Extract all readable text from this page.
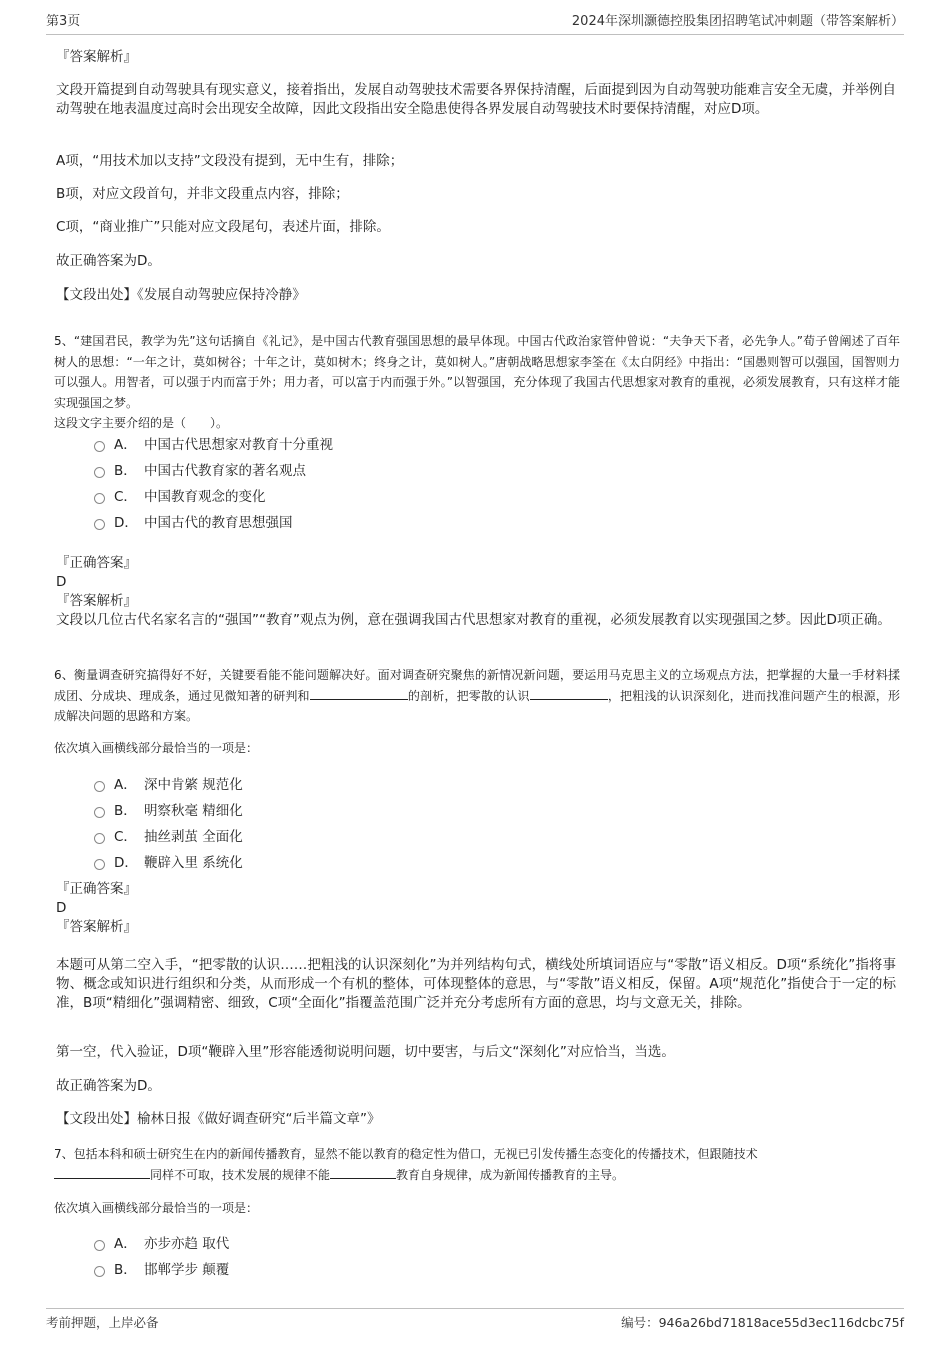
第3页	2024年深圳灏德控股集团招聘笔试冲刺题（带答案解析）

『答案解析』

文段开篇提到自动驾驶具有现实意义，接着指出，发展自动驾驶技术需要各界保持清醒，后面提到因为自动驾驶功能难言安全无虞，并举例自动驾驶在地表温度过高时会出现安全故障，因此文段指出安全隐患使得各界发展自动驾驶技术时要保持清醒，对应D项。

A项，“用技术加以支持”文段没有提到，无中生有，排除；

B项，对应文段首句，并非文段重点内容，排除；

C项，“商业推广”只能对应文段尾句，表述片面，排除。

故正确答案为D。

【文段出处】《发展自动驾驶应保持冷静》

5、“建国君民，教学为先”这句话摘自《礼记》，是中国古代教育强国思想的最早体现。中国古代政治家管仲曾说：“夫争天下者，必先争人。”荀子曾阐述了百年树人的思想：“一年之计，莫如树谷；十年之计，莫如树木；终身之计，莫如树人。”唐朝战略思想家李筌在《太白阴经》中指出：“国愚则智可以强国，国智则力可以强人。用智者，可以强于内而富于外；用力者，可以富于内而强于外。”以智强国，充分体现了我国古代思想家对教育的重视，必须发展教育，只有这样才能实现强国之梦。

这段文字主要介绍的是（　　）。

A． 中国古代思想家对教育十分重视
B． 中国古代教育家的著名观点
C． 中国教育观念的变化
D． 中国古代的教育思想强国

『正确答案』

D

『答案解析』

文段以几位古代名家名言的“强国”“教育”观点为例，意在强调我国古代思想家对教育的重视，必须发展教育以实现强国之梦。因此D项正确。

6、衡量调查研究搞得好不好，关键要看能不能问题解决好。面对调查研究聚焦的新情况新问题，要运用马克思主义的立场观点方法，把掌握的大量一手材料揉成团、分成块、理成条，通过见微知著的研判和	的剖析，把零散的认识	，把粗浅的认识深刻化，进而找准问题产生的根源，形成解决问题的思路和方案。

依次填入画横线部分最恰当的一项是：

A． 深中肯綮 规范化
B． 明察秋毫 精细化
C． 抽丝剥茧 全面化
D． 鞭辟入里 系统化

『正确答案』

D

『答案解析』

本题可从第二空入手，“把零散的认识……把粗浅的认识深刻化”为并列结构句式，横线处所填词语应与“零散”语义相反。D项“系统化”指将事物、概念或知识进行组织和分类，从而形成一个有机的整体，可体现整体的意思，与“零散”语义相反，保留。A项“规范化”指使合于一定的标准，B项“精细化”强调精密、细致，C项“全面化”指覆盖范围广泛并充分考虑所有方面的意思，均与文意无关，排除。

第一空，代入验证，D项“鞭辟入里”形容能透彻说明问题，切中要害，与后文“深刻化”对应恰当，当选。

故正确答案为D。

【文段出处】榆林日报《做好调查研究“后半篇文章”》

7、包括本科和硕士研究生在内的新闻传播教育，显然不能以教育的稳定性为借口，无视已引发传播生态变化的传播技术，但跟随技术
同样不可取，技术发展的规律不能	教育自身规律，成为新闻传播教育的主导。

依次填入画横线部分最恰当的一项是：

A． 亦步亦趋 取代
B． 邯郸学步 颠覆
考前押题，上岸必备	编号：946a26bd71818ace55d3ec116dcbc75f
